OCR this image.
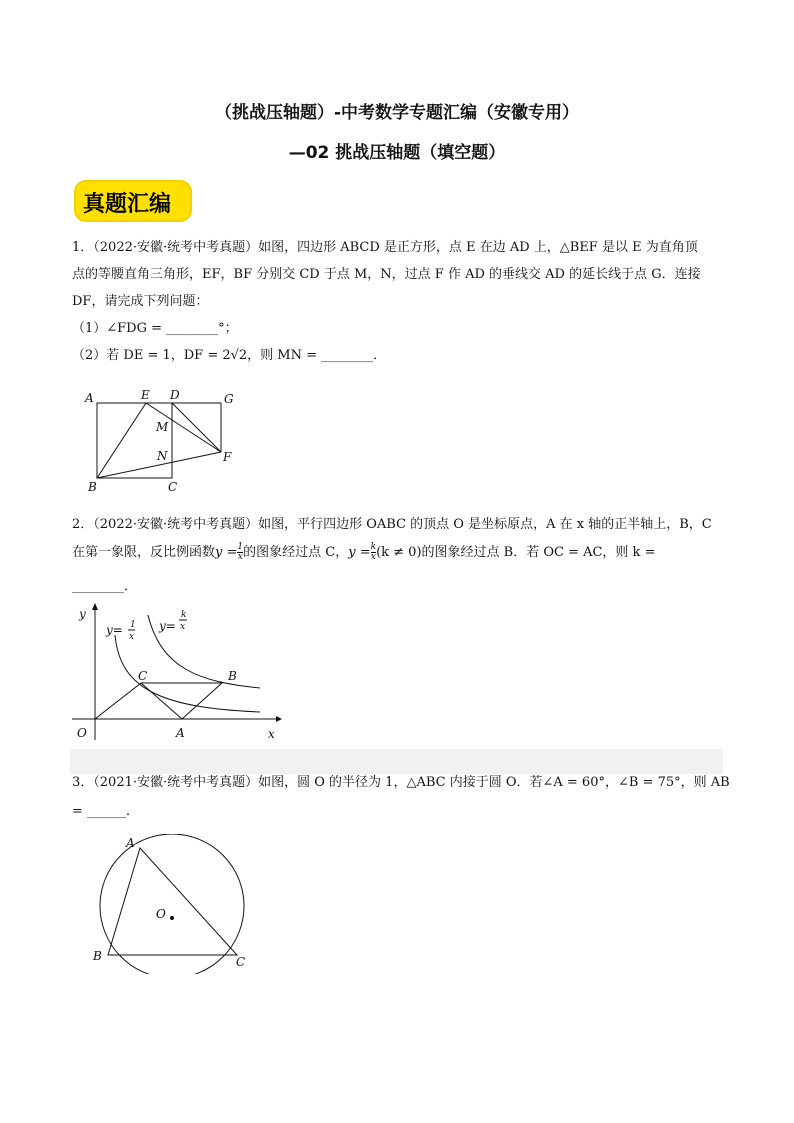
（挑战压轴题）-中考数学专题汇编（安徽专用）
—02 挑战压轴题（填空题）
真题汇编
1．（2022·安徽·统考中考真题）如图，四边形 ABCD 是正方形，点 E 在边 AD 上，△BEF 是以 E 为直角顶
点的等腰直角三角形，EF，BF 分别交 CD 于点 M，N，过点 F 作 AD 的垂线交 AD 的延长线于点 G．连接
DF，请完成下列问题：
（1）∠FDG = ________°；
（2）若 DE = 1，DF = 2√2，则 MN = ________．
A	E D	G
M
N	F
B	C
2．（2022·安徽·统考中考真题）如图，平行四边形 OABC 的顶点 O 是坐标原点，A 在 x 轴的正半轴上，B，C
在第一象限，反比例函数$y = \frac{1}{x}$ 的图象经过点 C，$y = \frac{k}{x} (k \ne 0)$的图象经过点 B．若 OC = AC，则 k =
________．
y
x
O	A
B
C
y= 1
x
y=
k
x
3．（2021·安徽·统考中考真题）如图，圆 O 的半径为 1，△ABC 内接于圆 O．若∠A = 60°，∠B = 75°，则 AB
= ______．
A
B	C
O
